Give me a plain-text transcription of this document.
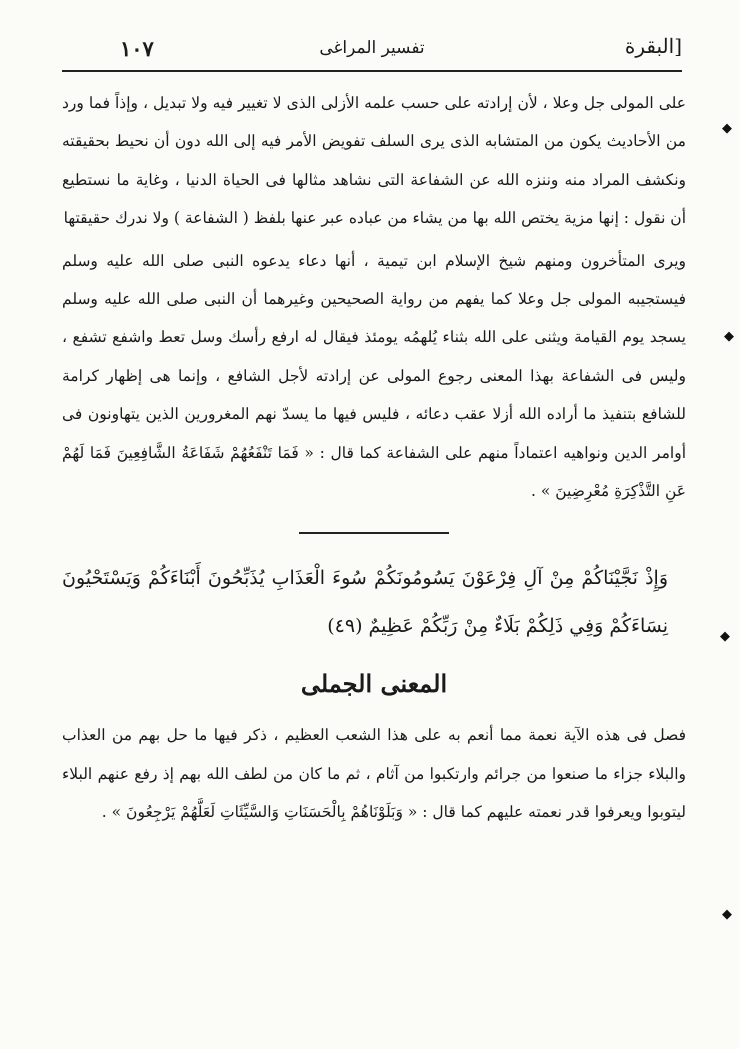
١٠٧	تفسير المراغى	البقرة]

على المولى جل وعلا ، لأن إرادته على حسب علمه الأزلى الذى لا تغيير فيه ولا تبديل ، وإذاً فما ورد من الأحاديث يكون من المتشابه الذى يرى السلف تفويض الأمر فيه إلى الله دون أن نحيط بحقيقته ونكشف المراد منه وننزه الله عن الشفاعة التى نشاهد مثالها فى الحياة الدنيا ، وغاية ما نستطيع أن نقول : إنها مزية يختص الله بها من يشاء من عباده عبر عنها بلفظ ( الشفاعة ) ولا ندرك حقيقتها

ويرى المتأخرون ومنهم شيخ الإسلام ابن تيمية ، أنها دعاء يدعوه النبى صلى الله عليه وسلم فيستجيبه المولى جل وعلا كما يفهم من رواية الصحيحين وغيرهما أن النبى صلى الله عليه وسلم يسجد يوم القيامة ويثنى على الله بثناء يُلهمُه يومئذ فيقال له ارفع رأسك وسل تعط واشفع تشفع ، وليس فى الشفاعة بهذا المعنى رجوع المولى عن إرادته لأجل الشافع ، وإنما هى إظهار كرامة للشافع بتنفيذ ما أراده الله أزلا عقب دعائه ، فليس فيها ما يسدّ نهم المغرورين الذين يتهاونون فى أوامر الدين ونواهيه اعتماداً منهم على الشفاعة كما قال : « فَمَا تَنْفَعُهُمْ شَفَاعَةُ الشَّافِعِينَ فَمَا لَهُمْ عَنِ التَّذْكِرَةِ مُعْرِضِينَ » .

وَإِذْ نَجَّيْنَاكُمْ مِنْ آلِ فِرْعَوْنَ يَسُومُونَكُمْ سُوءَ الْعَذَابِ يُذَبِّحُونَ أَبْنَاءَكُمْ وَيَسْتَحْيُونَ نِسَاءَكُمْ وَفِي ذَلِكُمْ بَلَاءٌ مِنْ رَبِّكُمْ عَظِيمٌ (٤٩)

المعنى الجملى

فصل فى هذه الآية نعمة مما أنعم به على هذا الشعب العظيم ، ذكر فيها ما حل بهم من العذاب والبلاء جزاء ما صنعوا من جرائم وارتكبوا من آثام ، ثم ما كان من لطف الله بهم إذ رفع عنهم البلاء ليتوبوا ويعرفوا قدر نعمته عليهم كما قال : « وَبَلَوْنَاهُمْ بِالْحَسَنَاتِ وَالسَّيِّئَاتِ لَعَلَّهُمْ يَرْجِعُونَ » .

◆
◆
◆
◆
